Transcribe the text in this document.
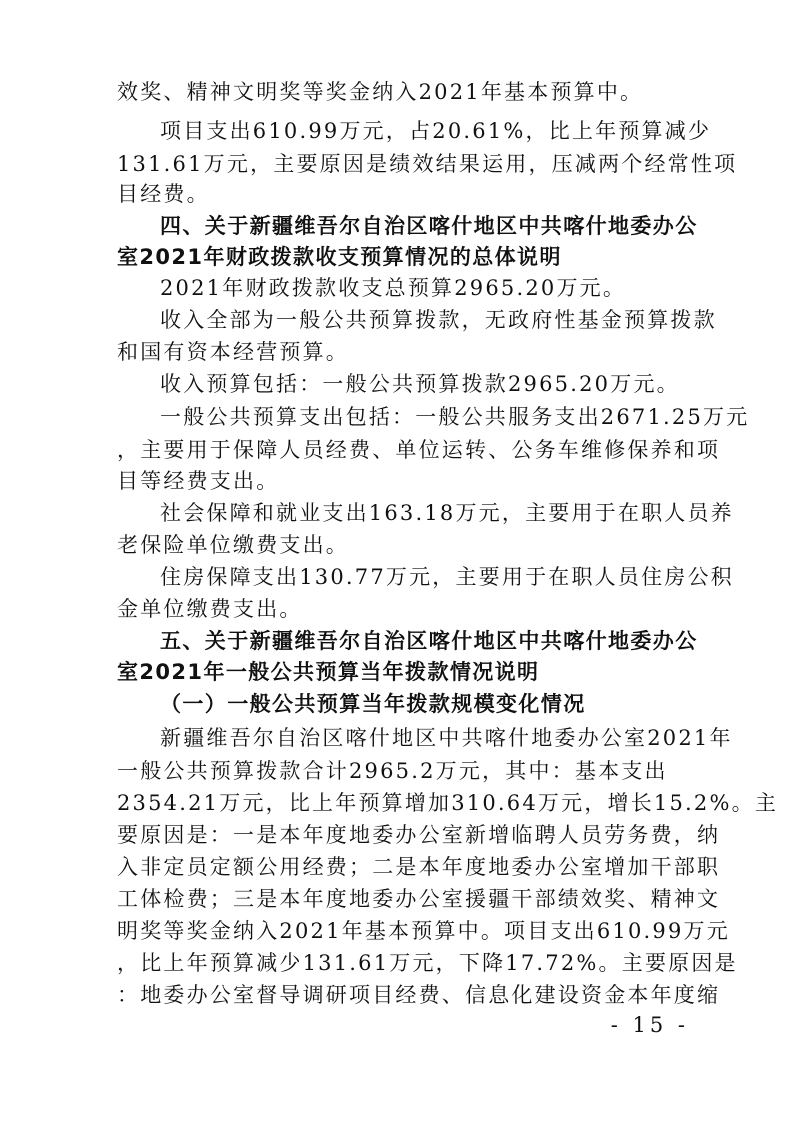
效奖、精神文明奖等奖金纳入2021年基本预算中。
项目支出610.99万元，占20.61%，比上年预算减少
131.61万元，主要原因是绩效结果运用，压减两个经常性项
目经费。
四、关于新疆维吾尔自治区喀什地区中共喀什地委办公
室2021年财政拨款收支预算情况的总体说明
2021年财政拨款收支总预算2965.20万元。
收入全部为一般公共预算拨款，无政府性基金预算拨款
和国有资本经营预算。
收入预算包括：一般公共预算拨款2965.20万元。
一般公共预算支出包括：一般公共服务支出2671.25万元
，主要用于保障人员经费、单位运转、公务车维修保养和项
目等经费支出。
社会保障和就业支出163.18万元，主要用于在职人员养
老保险单位缴费支出。
住房保障支出130.77万元，主要用于在职人员住房公积
金单位缴费支出。
五、关于新疆维吾尔自治区喀什地区中共喀什地委办公
室2021年一般公共预算当年拨款情况说明
（一）一般公共预算当年拨款规模变化情况
新疆维吾尔自治区喀什地区中共喀什地委办公室2021年
一般公共预算拨款合计2965.2万元，其中：基本支出
2354.21万元，比上年预算增加310.64万元，增长15.2%。主
要原因是：一是本年度地委办公室新增临聘人员劳务费，纳
入非定员定额公用经费；二是本年度地委办公室增加干部职
工体检费；三是本年度地委办公室援疆干部绩效奖、精神文
明奖等奖金纳入2021年基本预算中。项目支出610.99万元
，比上年预算减少131.61万元，下降17.72%。主要原因是
：地委办公室督导调研项目经费、信息化建设资金本年度缩
- 15 -
